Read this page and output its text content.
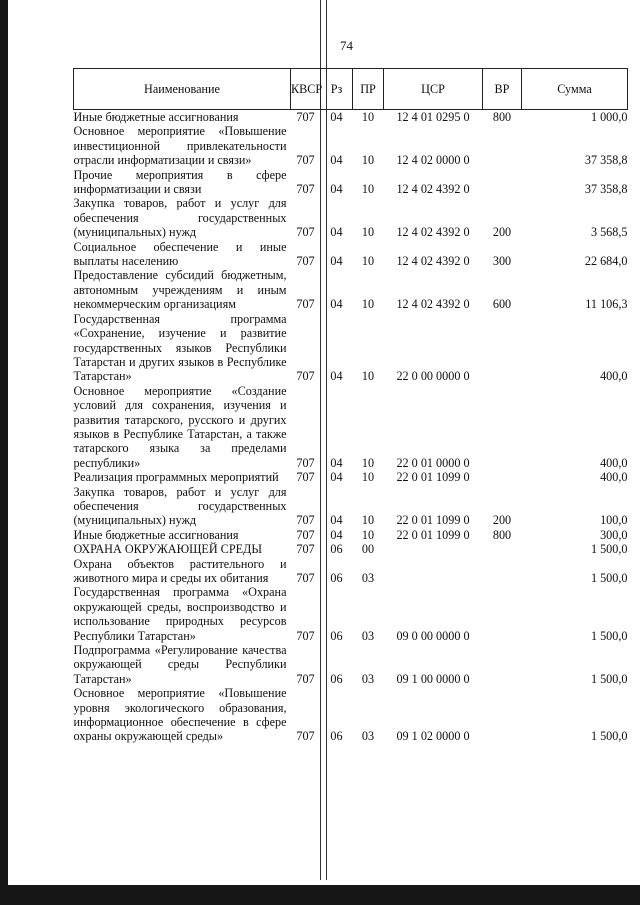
74
Наименование	КВСР	Рз	ПР	ЦСР	ВР	Сумма
Иные бюджетные ассигнования	707	04	10	12 4 01 0295 0	800	1 000,0
Основное мероприятие «Повышение инвестиционной привлекательности отрасли информатизации и связи»	707	04	10	12 4 02 0000 0		37 358,8
Прочие мероприятия в сфере информатизации и связи	707	04	10	12 4 02 4392 0		37 358,8
Закупка товаров, работ и услуг для обеспечения государственных (муниципальных) нужд	707	04	10	12 4 02 4392 0	200	3 568,5
Социальное обеспечение и иные выплаты населению	707	04	10	12 4 02 4392 0	300	22 684,0
Предоставление субсидий бюджетным, автономным учреждениям и иным некоммерческим организациям	707	04	10	12 4 02 4392 0	600	11 106,3
Государственная программа «Сохранение, изучение и развитие государственных языков Республики Татарстан и других языков в Республике Татарстан»	707	04	10	22 0 00 0000 0		400,0
Основное мероприятие «Создание условий для сохранения, изучения и развития татарского, русского и других языков в Республике Татарстан, а также татарского языка за пределами республики»	707	04	10	22 0 01 0000 0		400,0
Реализация программных мероприятий	707	04	10	22 0 01 1099 0		400,0
Закупка товаров, работ и услуг для обеспечения государственных (муниципальных) нужд	707	04	10	22 0 01 1099 0	200	100,0
Иные бюджетные ассигнования	707	04	10	22 0 01 1099 0	800	300,0
ОХРАНА ОКРУЖАЮЩЕЙ СРЕДЫ	707	06	00			1 500,0
Охрана объектов растительного и животного мира и среды их обитания	707	06	03			1 500,0
Государственная программа «Охрана окружающей среды, воспроизводство и использование природных ресурсов Республики Татарстан»	707	06	03	09 0 00 0000 0		1 500,0
Подпрограмма «Регулирование качества окружающей среды Республики Татарстан»	707	06	03	09 1 00 0000 0		1 500,0
Основное мероприятие «Повышение уровня экологического образования, информационное обеспечение в сфере охраны окружающей среды»	707	06	03	09 1 02 0000 0		1 500,0
